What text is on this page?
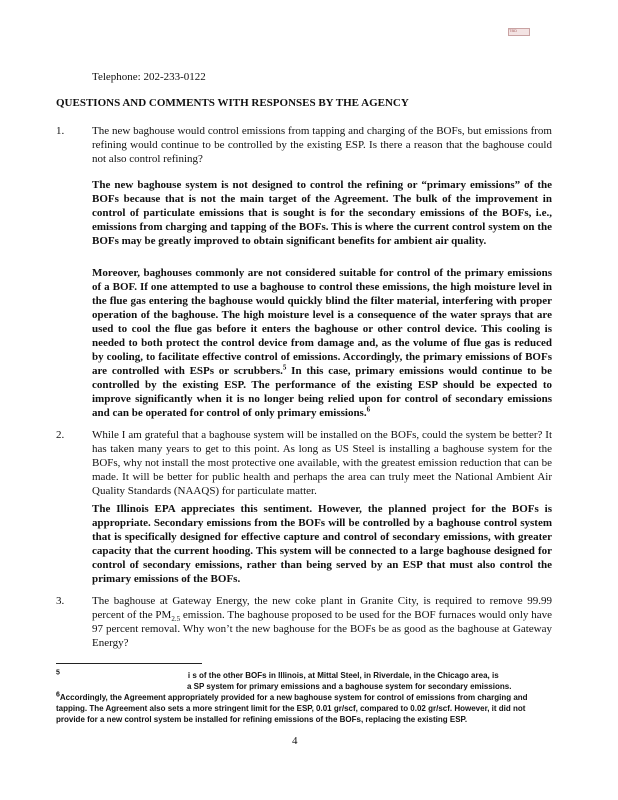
TBD
Telephone: 202-233-0122
QUESTIONS AND COMMENTS WITH RESPONSES BY THE AGENCY
1.	The new baghouse would control emissions from tapping and charging of the BOFs, but emissions from refining would continue to be controlled by the existing ESP. Is there a reason that the baghouse could not also control refining?
The new baghouse system is not designed to control the refining or “primary emissions” of the BOFs because that is not the main target of the Agreement. The bulk of the improvement in control of particulate emissions that is sought is for the secondary emissions of the BOFs, i.e., emissions from charging and tapping of the BOFs. This is where the current control system on the BOFs may be greatly improved to obtain significant benefits for ambient air quality.
Moreover, baghouses commonly are not considered suitable for control of the primary emissions of a BOF. If one attempted to use a baghouse to control these emissions, the high moisture level in the flue gas entering the baghouse would quickly blind the filter material, interfering with proper operation of the baghouse. The high moisture level is a consequence of the water sprays that are used to cool the flue gas before it enters the baghouse or other control device. This cooling is needed to both protect the control device from damage and, as the volume of flue gas is reduced by cooling, to facilitate effective control of emissions. Accordingly, the primary emissions of BOFs are controlled with ESPs or scrubbers.$^5$ In this case, primary emissions would continue to be controlled by the existing ESP. The performance of the existing ESP should be expected to improve significantly when it is no longer being relied upon for control of secondary emissions and can be operated for control of only primary emissions.$^6$
2.	While I am grateful that a baghouse system will be installed on the BOFs, could the system be better? It has taken many years to get to this point. As long as US Steel is installing a baghouse system for the BOFs, why not install the most protective one available, with the greatest emission reduction that can be made. It will be better for public health and perhaps the area can truly meet the National Ambient Air Quality Standards (NAAQS) for particulate matter.
The Illinois EPA appreciates this sentiment. However, the planned project for the BOFs is appropriate. Secondary emissions from the BOFs will be controlled by a baghouse control system that is specifically designed for effective capture and control of secondary emissions, with greater capacity that the current hooding. This system will be connected to a large baghouse designed for control of secondary emissions, rather than being served by an ESP that must also control the primary emissions of the BOFs.
3.	The baghouse at Gateway Energy, the new coke plant in Granite City, is required to remove 99.99 percent of the $PM_{2.5}$ emission. The baghouse proposed to be used for the BOF furnaces would only have 97 percent removal. Why won’t the new baghouse for the BOFs be as good as the baghouse at Gateway Energy?
$^5$	i s of the other BOFs in Illinois, at Mittal Steel, in Riverdale, in the Chicago area, is
a SP system for primary emissions and a baghouse system for secondary emissions.
$^6$Accordingly, the Agreement appropriately provided for a new baghouse system for control of emissions from charging and tapping. The Agreement also sets a more stringent limit for the ESP, 0.01 gr/scf, compared to 0.02 gr/scf. However, it did not provide for a new control system be installed for refining emissions of the BOFs, replacing the existing ESP.
4
